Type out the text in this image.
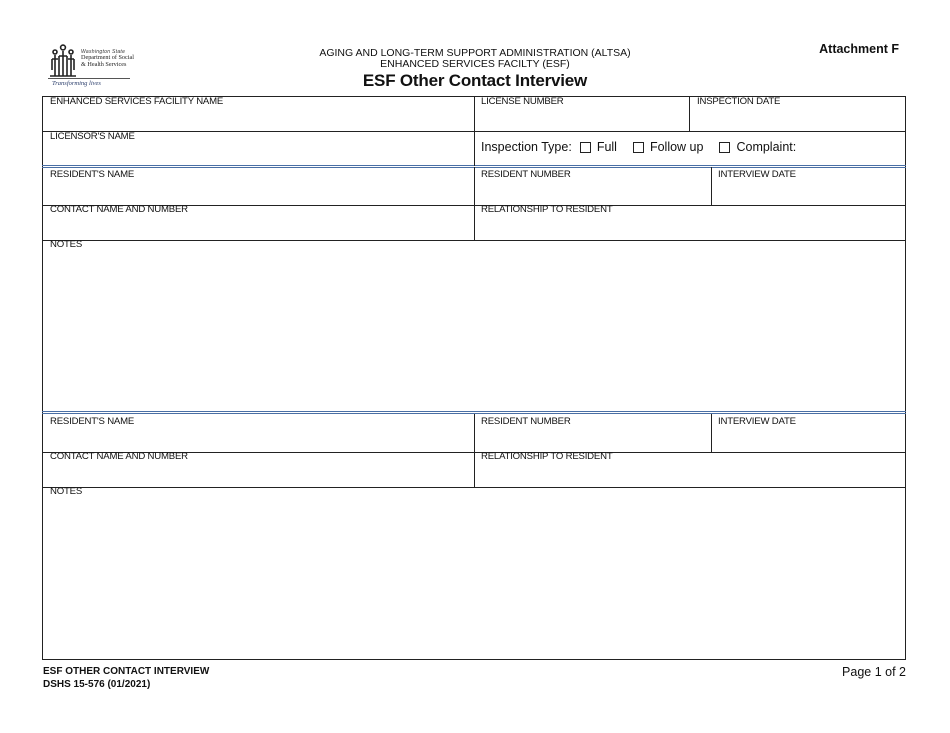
Washington State
Department of Social
& Health Services
Transforming lives
AGING AND LONG-TERM SUPPORT ADMINISTRATION (ALTSA)
ENHANCED SERVICES FACILTY (ESF)
ESF Other Contact Interview
Attachment F
ENHANCED SERVICES FACILITY NAME	LICENSE NUMBER	INSPECTION DATE
LICENSOR'S NAME
Inspection Type: Full	Follow up	Complaint:
RESIDENT'S NAME	RESIDENT NUMBER	INTERVIEW DATE
CONTACT NAME AND NUMBER	RELATIONSHIP TO RESIDENT
NOTES
RESIDENT'S NAME	RESIDENT NUMBER	INTERVIEW DATE
CONTACT NAME AND NUMBER	RELATIONSHIP TO RESIDENT
NOTES
ESF OTHER CONTACT INTERVIEW
DSHS 15-576 (01/2021)
Page 1 of 2
